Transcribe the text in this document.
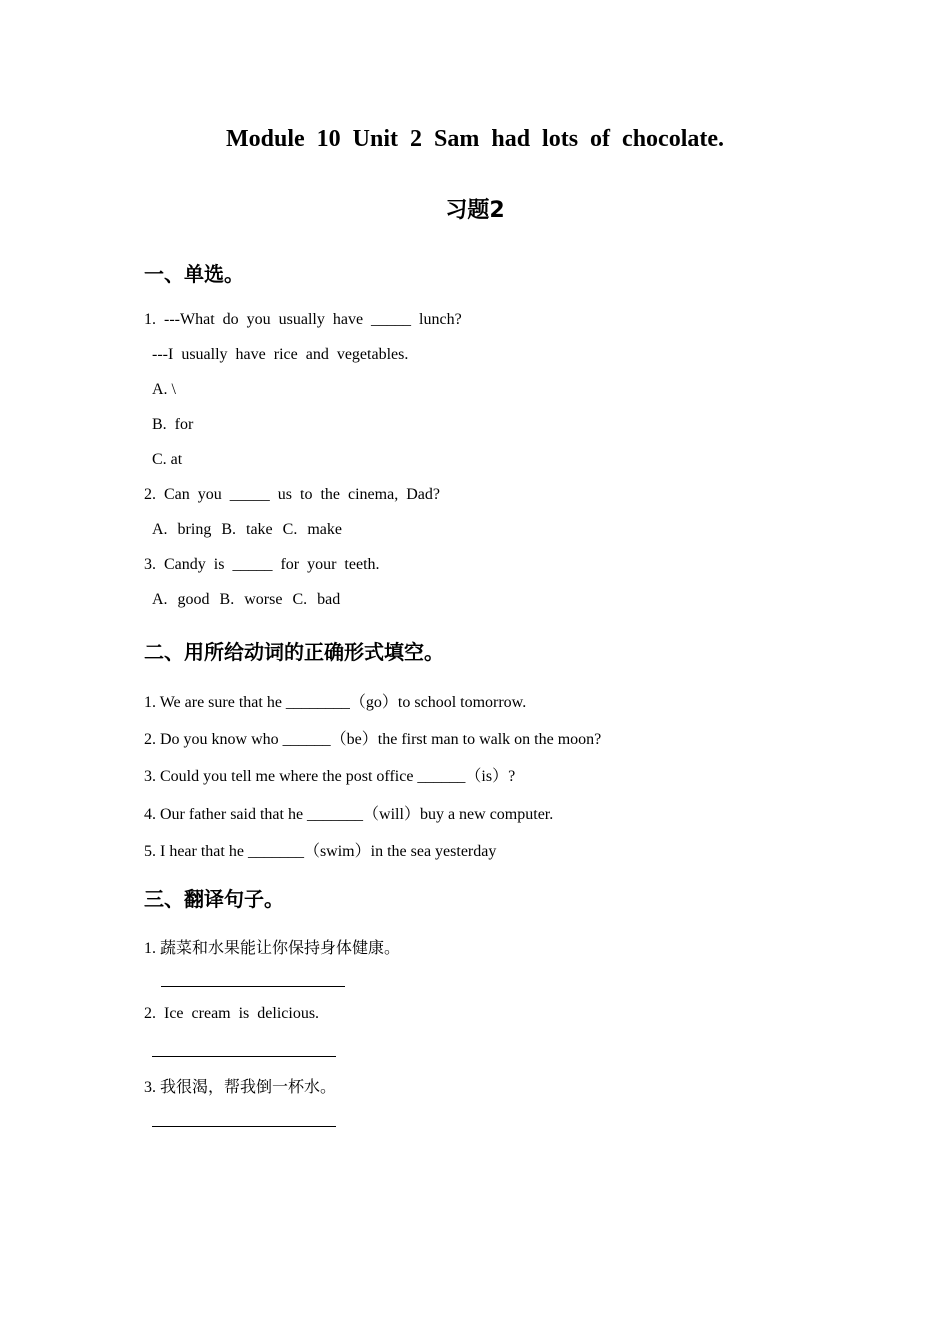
Module 10 Unit 2 Sam had lots of chocolate.
习题2
一、单选。
1. ---What do you usually have _____ lunch?
---I usually have rice and vegetables.
A. \
B. for
C. at
2. Can you _____ us to the cinema, Dad?
A. bring B. take C. make
3. Candy is _____ for your teeth.
A. good B. worse C. bad
二、用所给动词的正确形式填空。
1. We are sure that he ________（go）to school tomorrow.
2. Do you know who ______（be）the first man to walk on the moon?
3. Could you tell me where the post office ______（is）?
4. Our father said that he _______（will）buy a new computer.
5. I hear that he _______（swim）in the sea yesterday
三、翻译句子。
1. 蔬菜和水果能让你保持身体健康。
2. Ice cream is delicious.
3. 我很渴，帮我倒一杯水。
